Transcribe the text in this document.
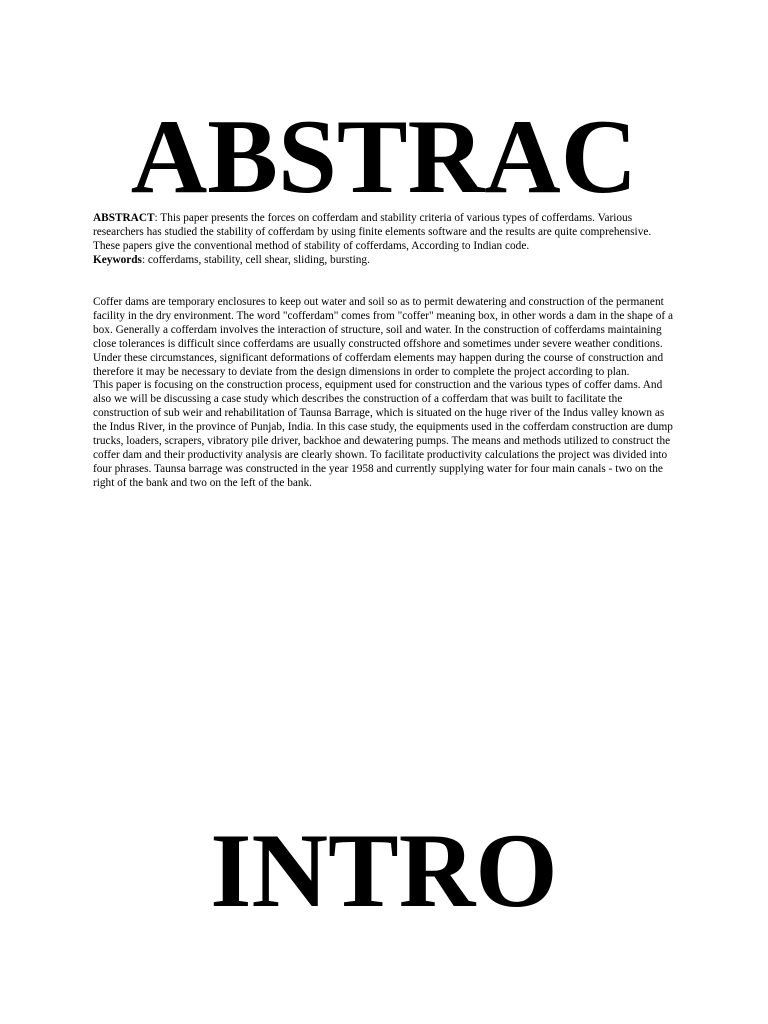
ABSTRAC

ABSTRACT: This paper presents the forces on cofferdam and stability criteria of various types of cofferdams. Various researchers has studied the stability of cofferdam by using finite elements software and the results are quite comprehensive. These papers give the conventional method of stability of cofferdams, According to Indian code.

Keywords: cofferdams, stability, cell shear, sliding, bursting.

Coffer dams are temporary enclosures to keep out water and soil so as to permit dewatering and construction of the permanent facility in the dry environment. The word "cofferdam" comes from "coffer" meaning box, in other words a dam in the shape of a box. Generally a cofferdam involves the interaction of structure, soil and water. In the construction of cofferdams maintaining close tolerances is difficult since cofferdams are usually constructed offshore and sometimes under severe weather conditions. Under these circumstances, significant deformations of cofferdam elements may happen during the course of construction and therefore it may be necessary to deviate from the design dimensions in order to complete the project according to plan.

This paper is focusing on the construction process, equipment used for construction and the various types of coffer dams. And also we will be discussing a case study which describes the construction of a cofferdam that was built to facilitate the construction of sub weir and rehabilitation of Taunsa Barrage, which is situated on the huge river of the Indus valley known as the Indus River, in the province of Punjab, India. In this case study, the equipments used in the cofferdam construction are dump trucks, loaders, scrapers, vibratory pile driver, backhoe and dewatering pumps. The means and methods utilized to construct the coffer dam and their productivity analysis are clearly shown. To facilitate productivity calculations the project was divided into four phrases. Taunsa barrage was constructed in the year 1958 and currently supplying water for four main canals - two on the right of the bank and two on the left of the bank.

INTRO
